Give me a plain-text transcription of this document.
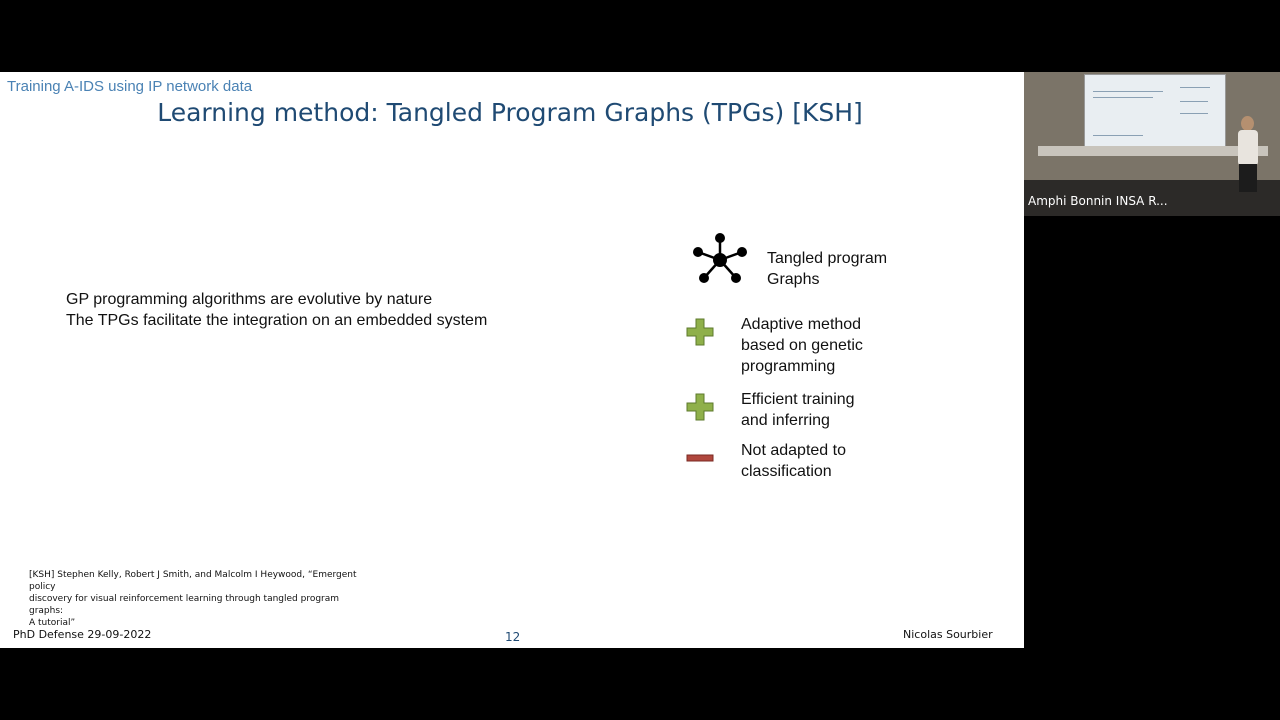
Training A-IDS using IP network data
Learning method: Tangled Program Graphs (TPGs) [KSH]
GP programming algorithms are evolutive by nature
The TPGs facilitate the integration on an embedded system
Tangled program
Graphs
Adaptive method
based on genetic
programming
Efficient training
and inferring
Not adapted to
classification
[KSH] Stephen Kelly, Robert J Smith, and Malcolm I Heywood, “Emergent policy
discovery for visual reinforcement learning through tangled program graphs:
A tutorial”
PhD Defense 29-09-2022	12	Nicolas Sourbier
Amphi Bonnin INSA R...
